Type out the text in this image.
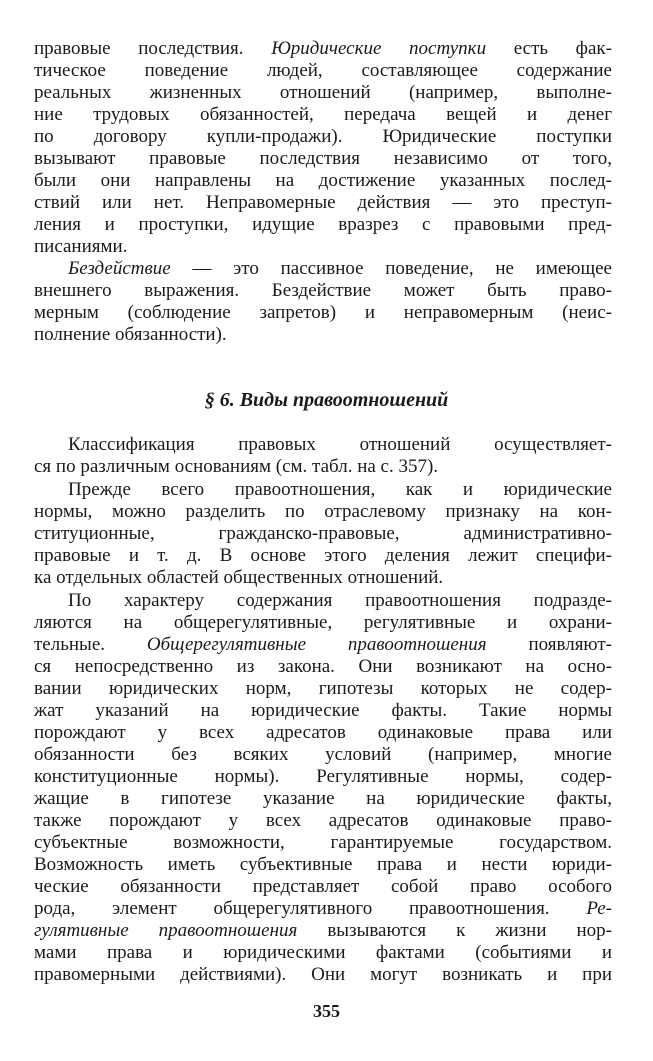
правовые последствия. Юридические поступки есть фак-
тическое поведение людей, составляющее содержание
реальных жизненных отношений (например, выполне-
ние трудовых обязанностей, передача вещей и денег
по договору купли-продажи). Юридические поступки
вызывают правовые последствия независимо от того,
были они направлены на достижение указанных послед-
ствий или нет. Неправомерные действия — это преступ-
ления и проступки, идущие вразрез с правовыми пред-
писаниями.
Бездействие — это пассивное поведение, не имеющее
внешнего выражения. Бездействие может быть право-
мерным (соблюдение запретов) и неправомерным (неис-
полнение обязанности).
§ 6. Виды правоотношений
Классификация правовых отношений осуществляет-
ся по различным основаниям (см. табл. на с. 357).
Прежде всего правоотношения, как и юридические
нормы, можно разделить по отраслевому признаку на кон-
ституционные, гражданско-правовые, административно-
правовые и т. д. В основе этого деления лежит специфи-
ка отдельных областей общественных отношений.
По характеру содержания правоотношения подразде-
ляются на общерегулятивные, регулятивные и охрани-
тельные. Общерегулятивные правоотношения появляют-
ся непосредственно из закона. Они возникают на осно-
вании юридических норм, гипотезы которых не содер-
жат указаний на юридические факты. Такие нормы
порождают у всех адресатов одинаковые права или
обязанности без всяких условий (например, многие
конституционные нормы). Регулятивные нормы, содер-
жащие в гипотезе указание на юридические факты,
также порождают у всех адресатов одинаковые право-
субъектные возможности, гарантируемые государством.
Возможность иметь субъективные права и нести юриди-
ческие обязанности представляет собой право особого
рода, элемент общерегулятивного правоотношения. Ре-
гулятивные правоотношения вызываются к жизни нор-
мами права и юридическими фактами (событиями и
правомерными действиями). Они могут возникать и при
355
